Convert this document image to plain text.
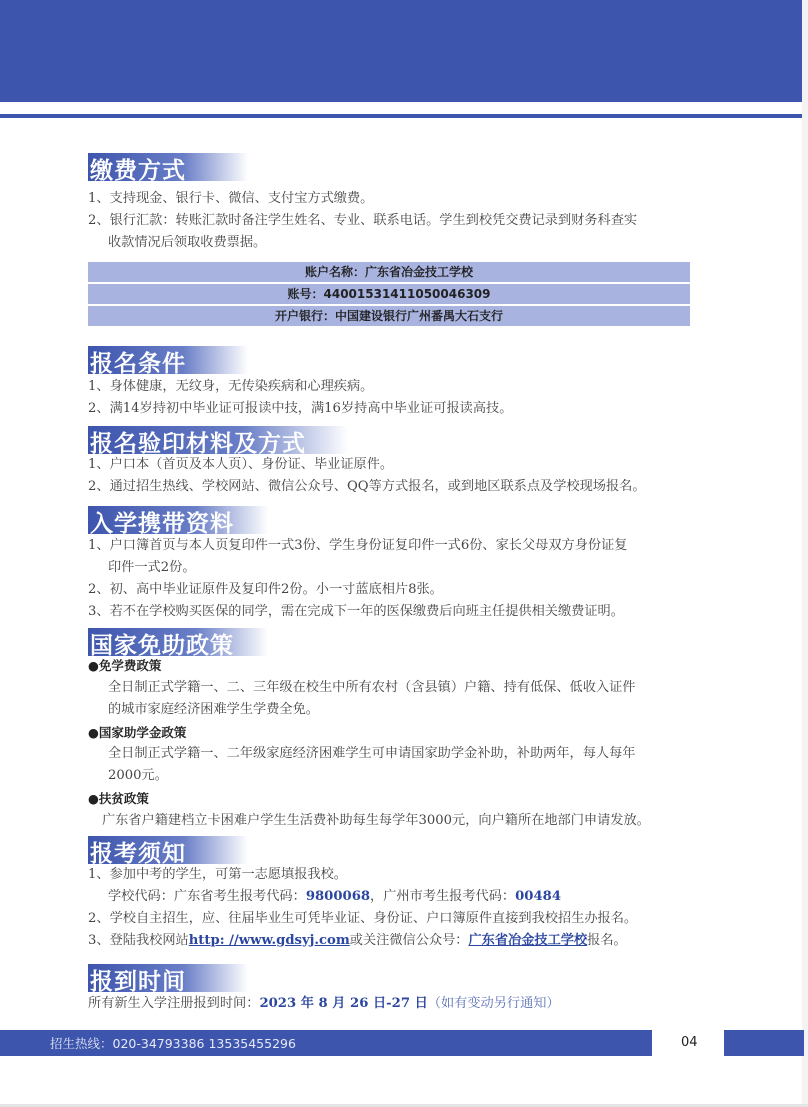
缴费方式
1、支持现金、银行卡、微信、支付宝方式缴费。
2、银行汇款：转账汇款时备注学生姓名、专业、联系电话。学生到校凭交费记录到财务科查实
收款情况后领取收费票据。
账户名称：广东省冶金技工学校
账号：44001531411050046309
开户银行：中国建设银行广州番禺大石支行
报名条件
1、身体健康，无纹身，无传染疾病和心理疾病。
2、满14岁持初中毕业证可报读中技，满16岁持高中毕业证可报读高技。
报名验印材料及方式
1、户口本（首页及本人页）、身份证、毕业证原件。
2、通过招生热线、学校网站、微信公众号、QQ等方式报名，或到地区联系点及学校现场报名。
入学携带资料
1、户口簿首页与本人页复印件一式3份、学生身份证复印件一式6份、家长父母双方身份证复
印件一式2份。
2、初、高中毕业证原件及复印件2份。小一寸蓝底相片8张。
3、若不在学校购买医保的同学，需在完成下一年的医保缴费后向班主任提供相关缴费证明。
国家免助政策
●免学费政策
全日制正式学籍一、二、三年级在校生中所有农村（含县镇）户籍、持有低保、低收入证件
的城市家庭经济困难学生学费全免。
●国家助学金政策
全日制正式学籍一、二年级家庭经济困难学生可申请国家助学金补助，补助两年，每人每年
2000元。
●扶贫政策
广东省户籍建档立卡困难户学生生活费补助每生每学年3000元，向户籍所在地部门申请发放。
报考须知
1、参加中考的学生，可第一志愿填报我校。
学校代码：广东省考生报考代码：9800068，广州市考生报考代码：00484
2、学校自主招生，应、往届毕业生可凭毕业证、身份证、户口簿原件直接到我校招生办报名。
3、登陆我校网站http: //www.gdsyj.com或关注微信公众号：广东省冶金技工学校报名。
报到时间
所有新生入学注册报到时间：2023 年 8 月 26 日-27 日（如有变动另行通知）
招生热线：020-34793386 13535455296	04
